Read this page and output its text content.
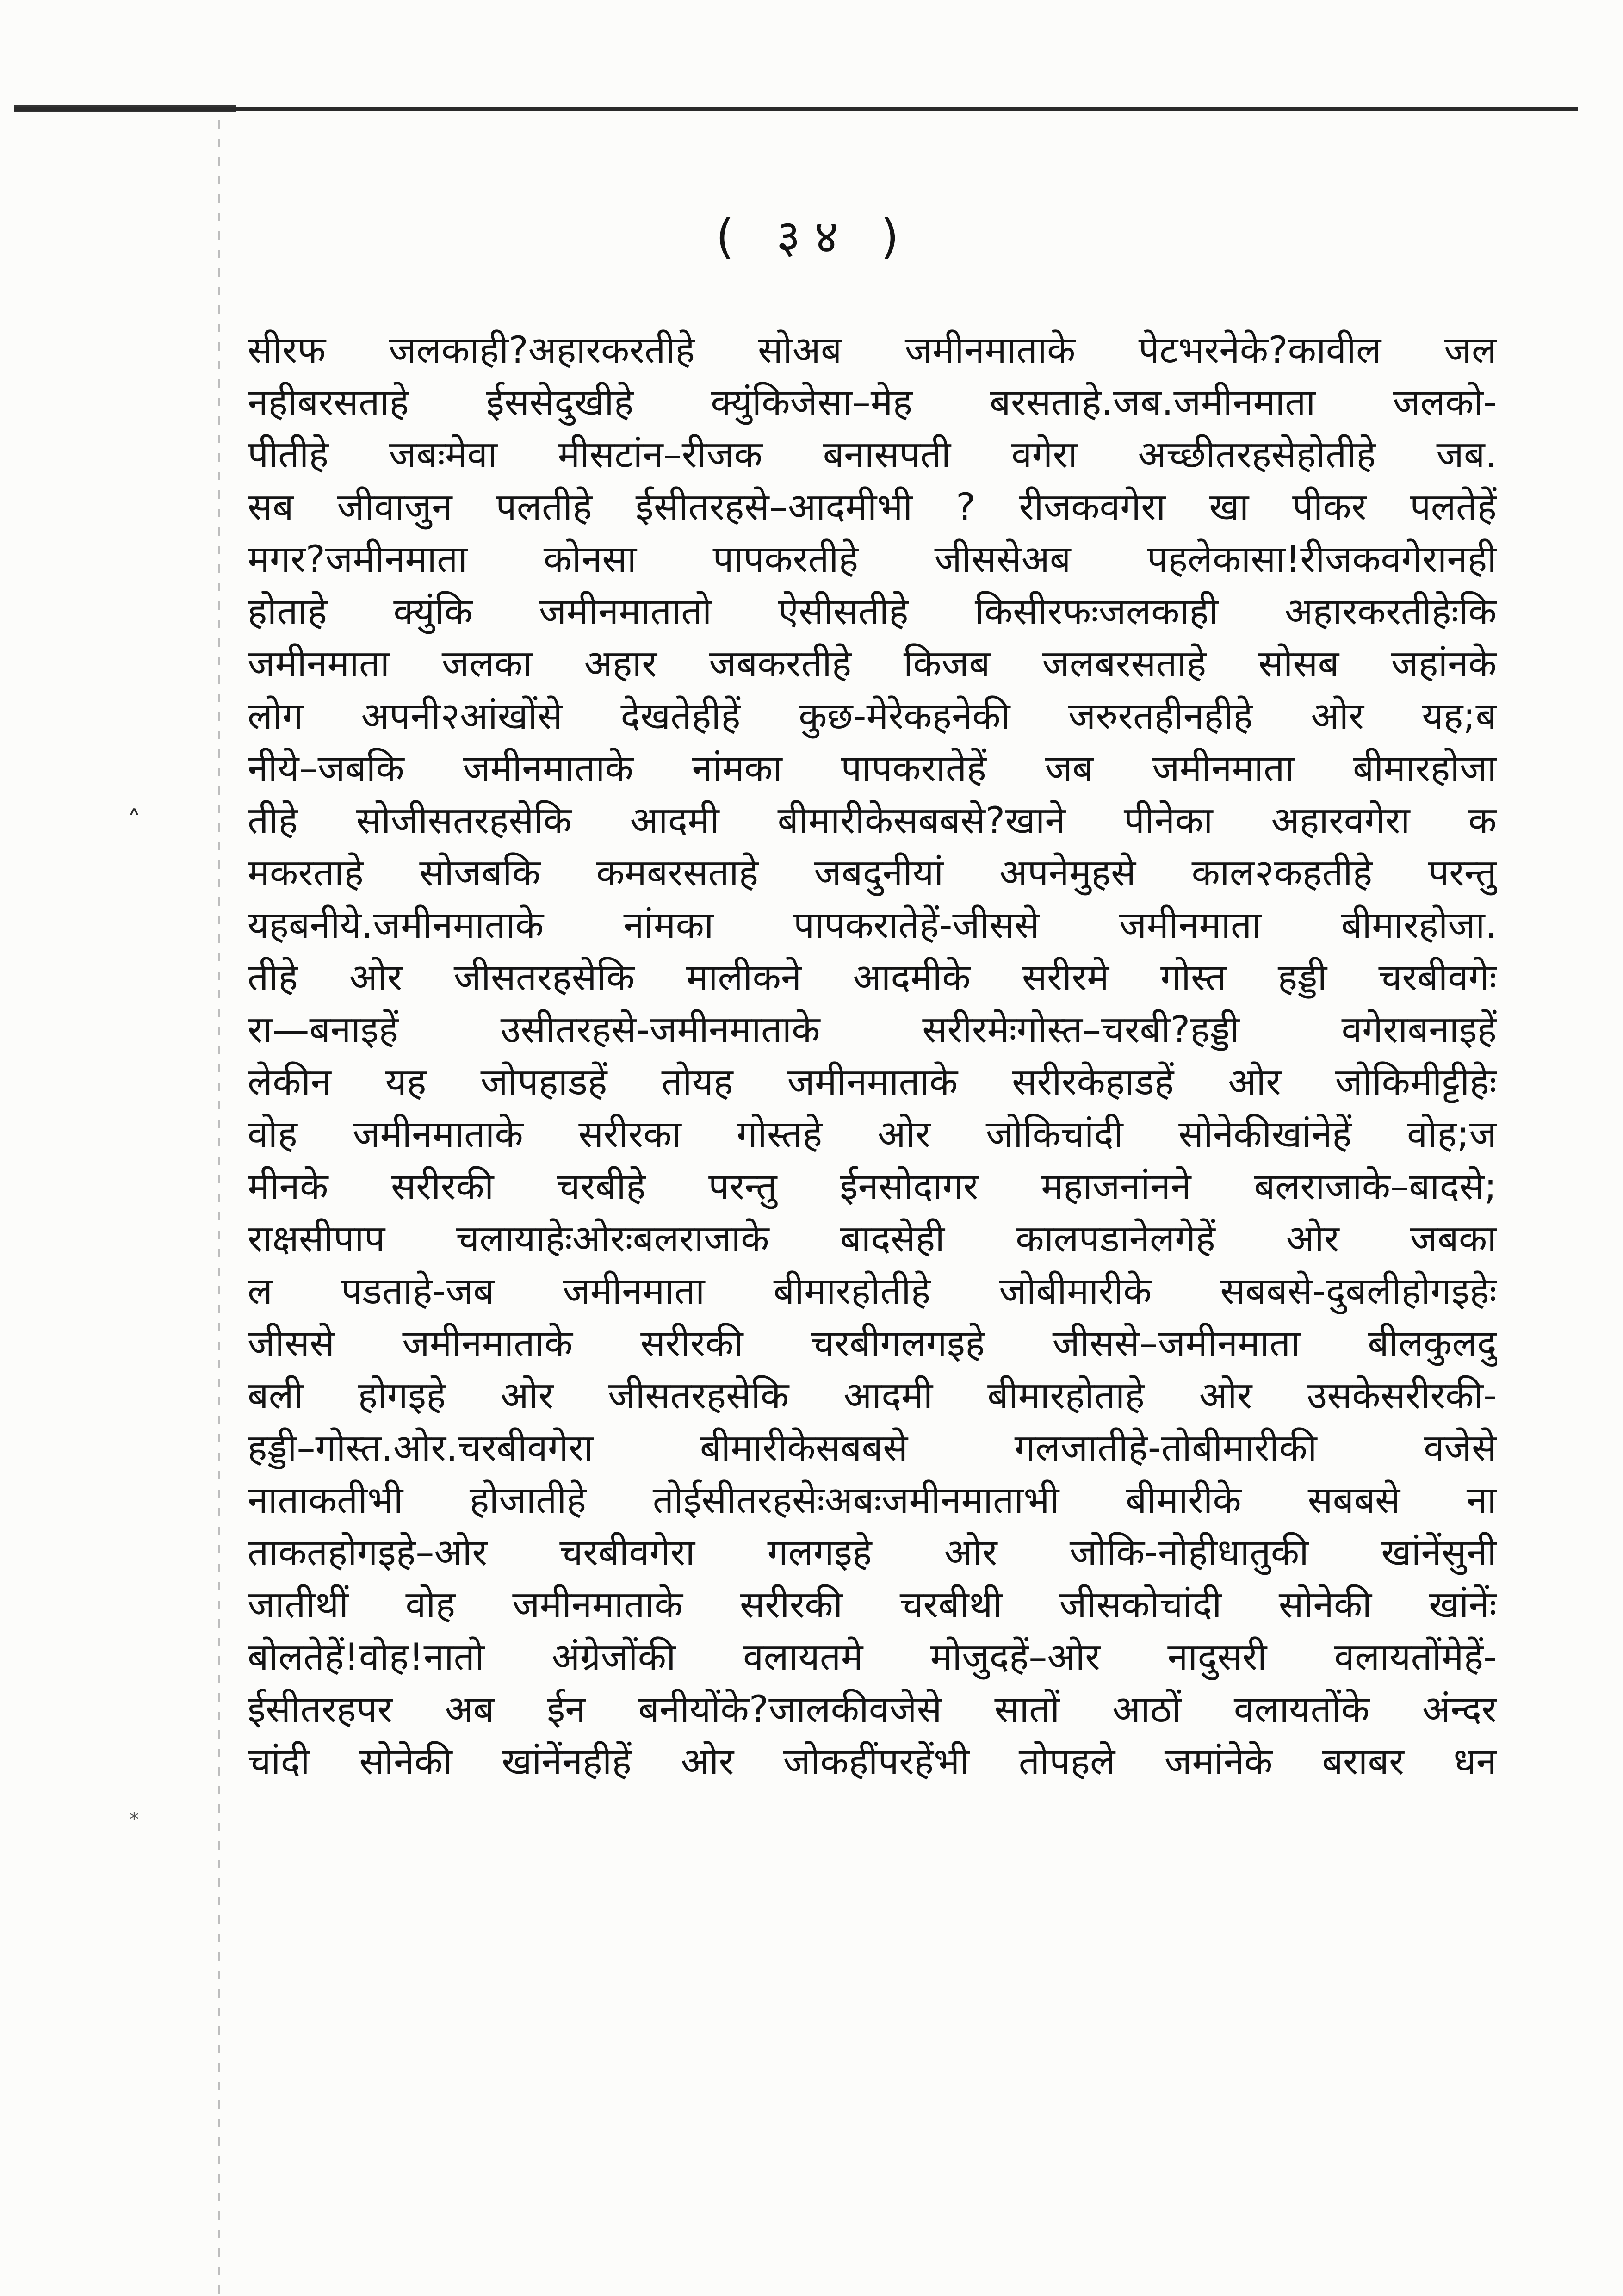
( ३४ )
सीरफ जलकाही?अहारकरतीहे सोअब जमीनमाताके पेटभरनेके?कावील जल
नहीबरसताहे ईससेदुखीहे क्युंकिजेसा–मेह बरसताहे.जब.जमीनमाता जलको-
पीतीहे जबःमेवा मीसटांन–रीजक बनासपती वगेरा अच्छीतरहसेहोतीहे जब.
सब जीवाजुन पलतीहे ईसीतरहसे–आदमीभी ? रीजकवगेरा खा पीकर पलतेहें
मगर?जमीनमाता कोनसा पापकरतीहे जीससेअब पहलेकासा!रीजकवगेरानही
होताहे क्युंकि जमीनमातातो ऐसीसतीहे किसीरफःजलकाही अहारकरतीहेःकि
जमीनमाता जलका अहार जबकरतीहे किजब जलबरसताहे सोसब जहांनके
लोग अपनी२आंखोंसे देखतेहीहें कुछ-मेरेकहनेकी जरुरतहीनहीहे ओर यह;ब
नीये–जबकि जमीनमाताके नांमका पापकरातेहें जब जमीनमाता बीमारहोजा
तीहे सोजीसतरहसेकि आदमी बीमारीकेसबबसे?खाने पीनेका अहारवगेरा क
मकरताहे सोजबकि कमबरसताहे जबदुनीयां अपनेमुहसे काल२कहतीहे परन्तु
यहबनीये.जमीनमाताके नांमका पापकरातेहें-जीससे जमीनमाता बीमारहोजा.
तीहे ओर जीसतरहसेकि मालीकने आदमीके सरीरमे गोस्त हड्डी चरबीवगेः
रा—बनाइहें उसीतरहसे-जमीनमाताके सरीरमेःगोस्त–चरबी?हड्डी वगेराबनाइहें
लेकीन यह जोपहाडहें तोयह जमीनमाताके सरीरकेहाडहें ओर जोकिमीट्टीहेः
वोह जमीनमाताके सरीरका गोस्तहे ओर जोकिचांदी सोनेकीखांनेहें वोह;ज
मीनके सरीरकी चरबीहे परन्तु ईनसोदागर महाजनांनने बलराजाके–बादसे;
राक्षसीपाप चलायाहेःओरःबलराजाके बादसेही कालपडानेलगेहें ओर जबका
ल पडताहे-जब जमीनमाता बीमारहोतीहे जोबीमारीके सबबसे-दुबलीहोगइहेः
जीससे जमीनमाताके सरीरकी चरबीगलगइहे जीससे–जमीनमाता बीलकुलदु
बली होगइहे ओर जीसतरहसेकि आदमी बीमारहोताहे ओर उसकेसरीरकी-
हड्डी–गोस्त.ओर.चरबीवगेरा बीमारीकेसबबसे गलजातीहे-तोबीमारीकी वजेसे
नाताकतीभी होजातीहे तोईसीतरहसेःअबःजमीनमाताभी बीमारीके सबबसे ना
ताकतहोगइहे–ओर चरबीवगेरा गलगइहे ओर जोकि-नोहीधातुकी खांनेंसुनी
जातीथीं वोह जमीनमाताके सरीरकी चरबीथी जीसकोचांदी सोनेकी खांनेंः
बोलतेहें!वोह!नातो अंग्रेजोंकी वलायतमे मोजुदहें–ओर नादुसरी वलायतोंमेहें-
ईसीतरहपर अब ईन बनीयोंके?जालकीवजेसे सातों आठों वलायतोंके अंन्दर
चांदी सोनेकी खांनेंनहीहें ओर जोकहींपरहेंभी तोपहले जमांनेके बराबर धन
˄
*
